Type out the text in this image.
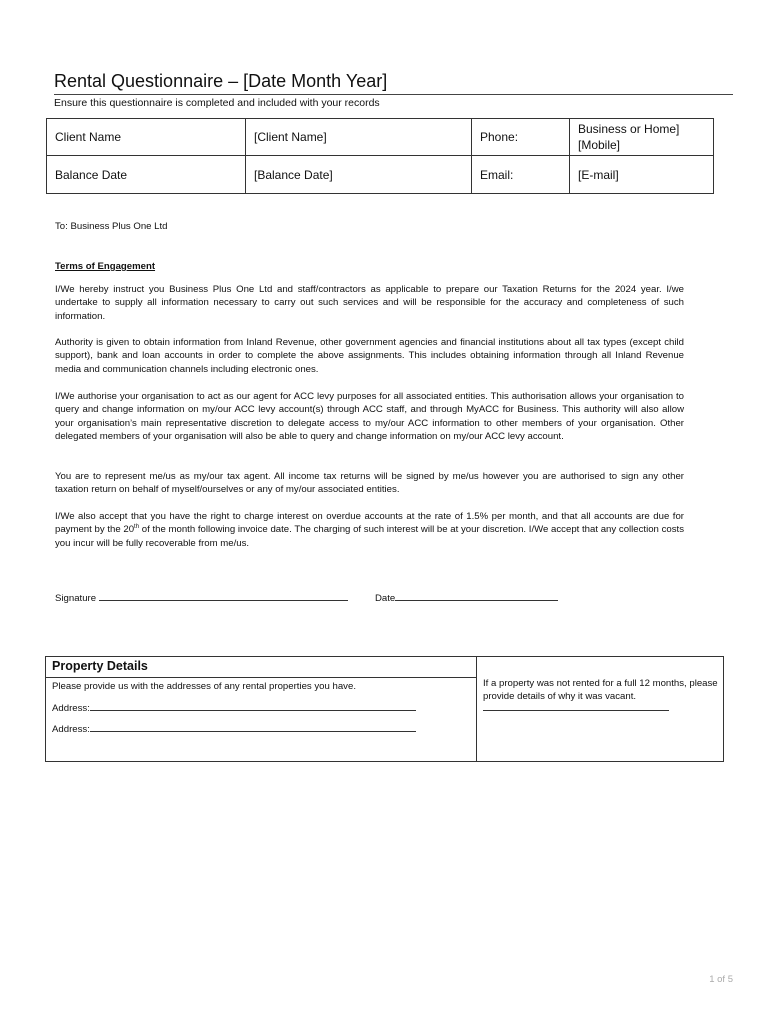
Rental Questionnaire – [Date Month Year]
Ensure this questionnaire is completed and included with your records
Client Name	[Client Name]	Phone:	Business or Home]
[Mobile]

Balance Date	[Balance Date]	Email:	[E-mail]
To: Business Plus One Ltd
Terms of Engagement
I/We hereby instruct you Business Plus One Ltd and staff/contractors as applicable to prepare our Taxation Returns for the 2024 year. I/we undertake to supply all information necessary to carry out such services and will be responsible for the accuracy and completeness of such information.
Authority is given to obtain information from Inland Revenue, other government agencies and financial institutions about all tax types (except child support), bank and loan accounts in order to complete the above assignments. This includes obtaining information through all Inland Revenue media and communication channels including electronic ones.
I/We authorise your organisation to act as our agent for ACC levy purposes for all associated entities. This authorisation allows your organisation to query and change information on my/our ACC levy account(s) through ACC staff, and through MyACC for Business. This authority will also allow your organisation’s main representative discretion to delegate access to my/our ACC information to other members of your organisation. Other delegated members of your organisation will also be able to query and change information on my/our ACC levy account.
You are to represent me/us as my/our tax agent. All income tax returns will be signed by me/us however you are authorised to sign any other taxation return on behalf of myself/ourselves or any of my/our associated entities.
I/We also accept that you have the right to charge interest on overdue accounts at the rate of 1.5% per month, and that all accounts are due for payment by the 20th of the month following invoice date. The charging of such interest will be at your discretion. I/We accept that any collection costs you incur will be fully recoverable from me/us.
Signature	Date
Property Details
Please provide us with the addresses of any rental properties you have.
Address:
Address:
If a property was not rented for a full 12 months, please provide details of why it was vacant.
1 of 5
